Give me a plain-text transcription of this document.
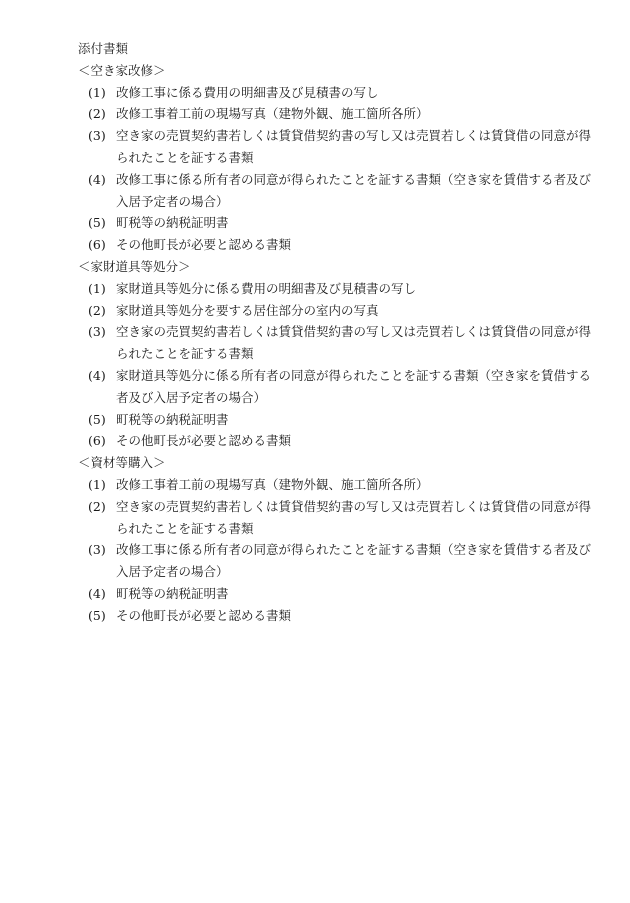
添付書類
＜空き家改修＞
(1) 改修工事に係る費用の明細書及び見積書の写し
(2) 改修工事着工前の現場写真（建物外観、施工箇所各所）
(3) 空き家の売買契約書若しくは賃貸借契約書の写し又は売買若しくは賃貸借の同意が得られたことを証する書類
(4) 改修工事に係る所有者の同意が得られたことを証する書類（空き家を賃借する者及び入居予定者の場合）
(5) 町税等の納税証明書
(6) その他町長が必要と認める書類
＜家財道具等処分＞
(1) 家財道具等処分に係る費用の明細書及び見積書の写し
(2) 家財道具等処分を要する居住部分の室内の写真
(3) 空き家の売買契約書若しくは賃貸借契約書の写し又は売買若しくは賃貸借の同意が得られたことを証する書類
(4) 家財道具等処分に係る所有者の同意が得られたことを証する書類（空き家を賃借する者及び入居予定者の場合）
(5) 町税等の納税証明書
(6) その他町長が必要と認める書類
＜資材等購入＞
(1) 改修工事着工前の現場写真（建物外観、施工箇所各所）
(2) 空き家の売買契約書若しくは賃貸借契約書の写し又は売買若しくは賃貸借の同意が得られたことを証する書類
(3) 改修工事に係る所有者の同意が得られたことを証する書類（空き家を賃借する者及び入居予定者の場合）
(4) 町税等の納税証明書
(5) その他町長が必要と認める書類
